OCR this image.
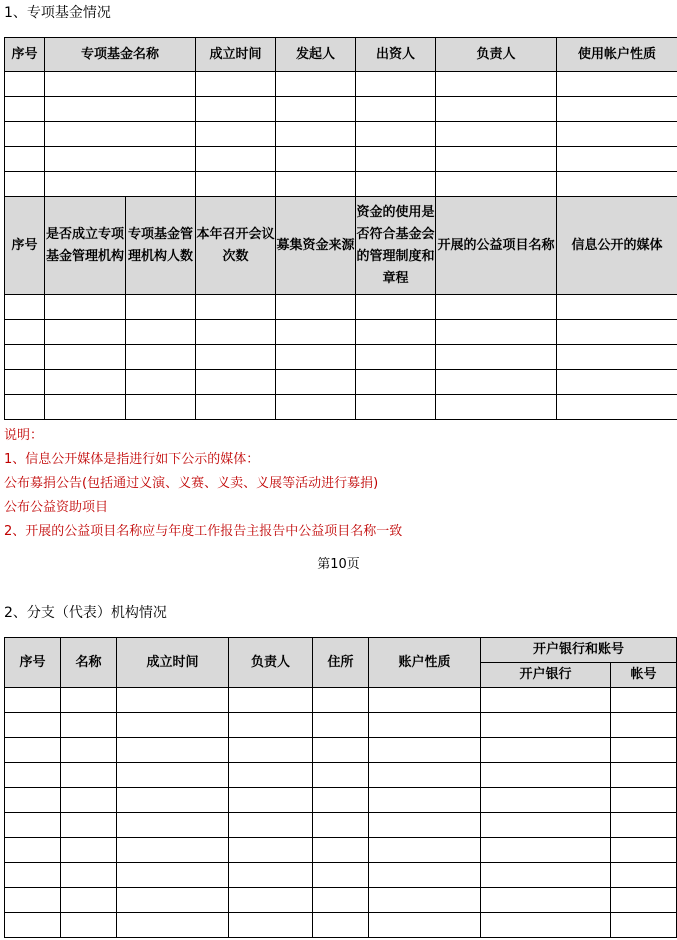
1、专项基金情况
序号	专项基金名称		成立时间	发起人	出资人	负责人	使用帐户性质

序号	是否成立专项基金管理机构	专项基金管理机构人数	本年召开会议次数	募集资金来源	资金的使用是否符合基金会的管理制度和章程	开展的公益项目名称	信息公开的媒体

说明：
1、信息公开媒体是指进行如下公示的媒体：
公布募捐公告(包括通过义演、义赛、义卖、义展等活动进行募捐)
公布公益资助项目
2、开展的公益项目名称应与年度工作报告主报告中公益项目名称一致
第10页
2、分支（代表）机构情况
序号	名称	成立时间	负责人	住所	账户性质	开户银行和账号	
						开户银行	帐号
